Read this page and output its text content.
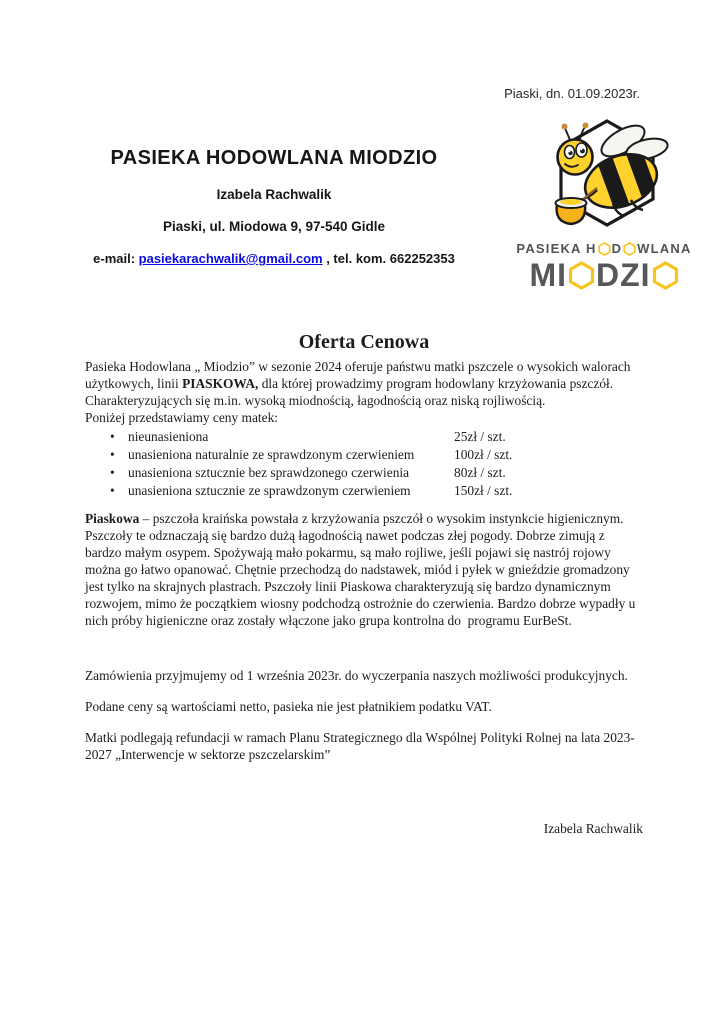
Piaski, dn. 01.09.2023r.
PASIEKA HODOWLANA MIODZIO
Izabela Rachwalik
Piaski, ul. Miodowa 9, 97-540 Gidle
e-mail: pasiekarachwalik@gmail.com , tel. kom. 662252353
PASIEKA H D WLANA
MI DZI
Oferta Cenowa
Pasieka Hodowlana „ Miodzio” w sezonie 2024 oferuje państwu matki pszczele o wysokich walorach
użytkowych, linii PIASKOWA, dla której prowadzimy program hodowlany krzyżowania pszczół.
Charakteryzujących się m.in. wysoką miodnością, łagodnością oraz niską rojliwością.
Poniżej przedstawiamy ceny matek:
• nieunasieniona	25zł / szt.
• unasieniona naturalnie ze sprawdzonym czerwieniem	100zł / szt.
• unasieniona sztucznie bez sprawdzonego czerwienia	80zł / szt.
• unasieniona sztucznie ze sprawdzonym czerwieniem	150zł / szt.
Piaskowa – pszczoła kraińska powstała z krzyżowania pszczół o wysokim instynkcie higienicznym.
Pszczoły te odznaczają się bardzo dużą łagodnością nawet podczas złej pogody. Dobrze zimują z
bardzo małym osypem. Spożywają mało pokarmu, są mało rojliwe, jeśli pojawi się nastrój rojowy
można go łatwo opanować. Chętnie przechodzą do nadstawek, miód i pyłek w gnieździe gromadzony
jest tylko na skrajnych plastrach. Pszczoły linii Piaskowa charakteryzują się bardzo dynamicznym
rozwojem, mimo że początkiem wiosny podchodzą ostrożnie do czerwienia. Bardzo dobrze wypadły u
nich próby higieniczne oraz zostały włączone jako grupa kontrolna do  programu EurBeSt.
Zamówienia przyjmujemy od 1 września 2023r. do wyczerpania naszych możliwości produkcyjnych.
Podane ceny są wartościami netto, pasieka nie jest płatnikiem podatku VAT.
Matki podlegają refundacji w ramach Planu Strategicznego dla Wspólnej Polityki Rolnej na lata 2023-
2027 „Interwencje w sektorze pszczelarskim”
Izabela Rachwalik
